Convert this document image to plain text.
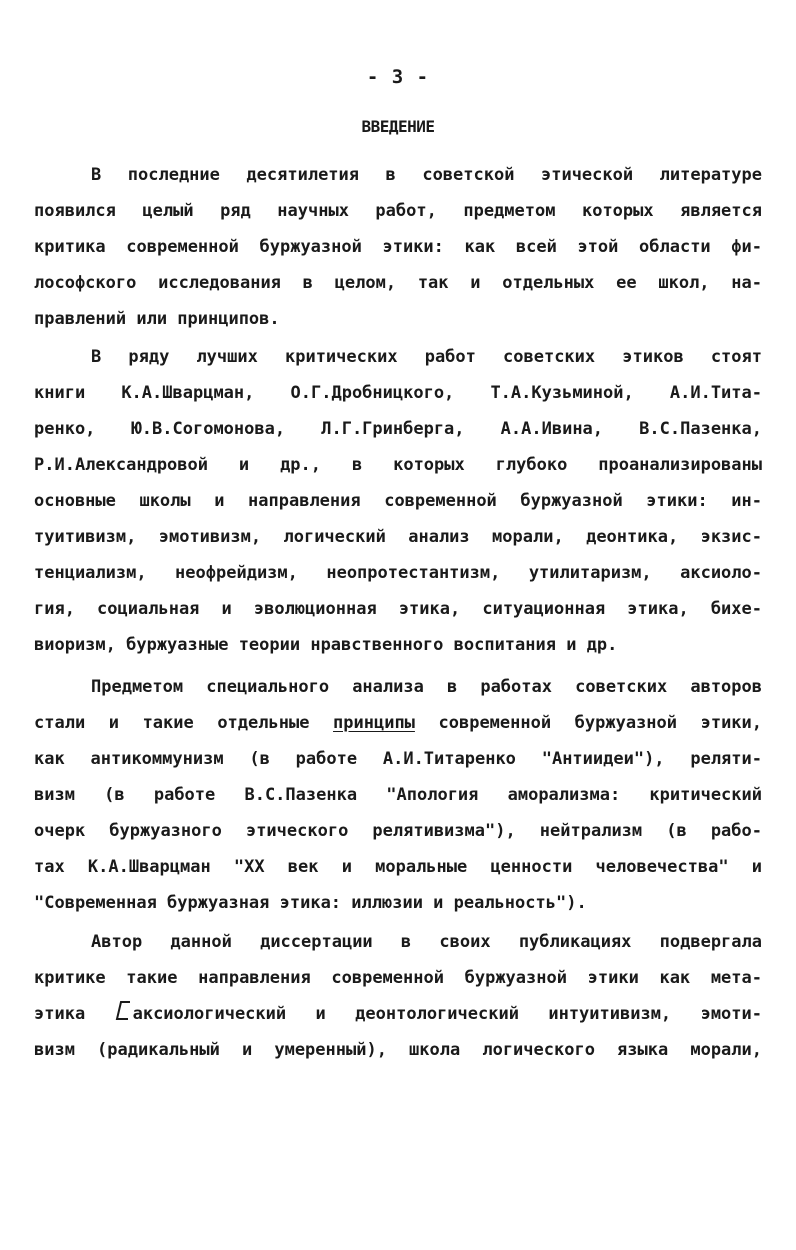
- 3 -
ВВЕДЕНИЕ
В последние десятилетия в советской этической литературе
появился целый ряд научных работ, предметом которых является
критика современной буржуазной этики: как всей этой области фи-
лософского исследования в целом, так и отдельных ее школ, на-
правлений или принципов.
В ряду лучших критических работ советских этиков стоят
книги К.А.Шварцман, О.Г.Дробницкого, Т.А.Кузьминой, А.И.Тита-
ренко, Ю.В.Согомонова, Л.Г.Гринберга, А.А.Ивина, В.С.Пазенка,
Р.И.Александровой и др., в которых глубоко проанализированы
основные школы и направления современной буржуазной этики: ин-
туитивизм, эмотивизм, логический анализ морали, деонтика, экзис-
тенциализм, неофрейдизм, неопротестантизм, утилитаризм, аксиоло-
гия, социальная и эволюционная этика, ситуационная этика, бихе-
виоризм, буржуазные теории нравственного воспитания и др.
Предметом специального анализа в работах советских авторов
стали и такие отдельные принципы современной буржуазной этики,
как антикоммунизм (в работе А.И.Титаренко "Антиидеи"), реляти-
визм (в работе В.С.Пазенка "Апология аморализма: критический
очерк буржуазного этического релятивизма"), нейтрализм (в рабо-
тах К.А.Шварцман "XX век и моральные ценности человечества" и
"Современная буржуазная этика: иллюзии и реальность").
Автор данной диссертации в своих публикациях подвергала
критике такие направления современной буржуазной этики как мета-
этика
аксиологический и деонтологический интуитивизм, эмоти-
визм (радикальный и умеренный), школа логического языка морали,
